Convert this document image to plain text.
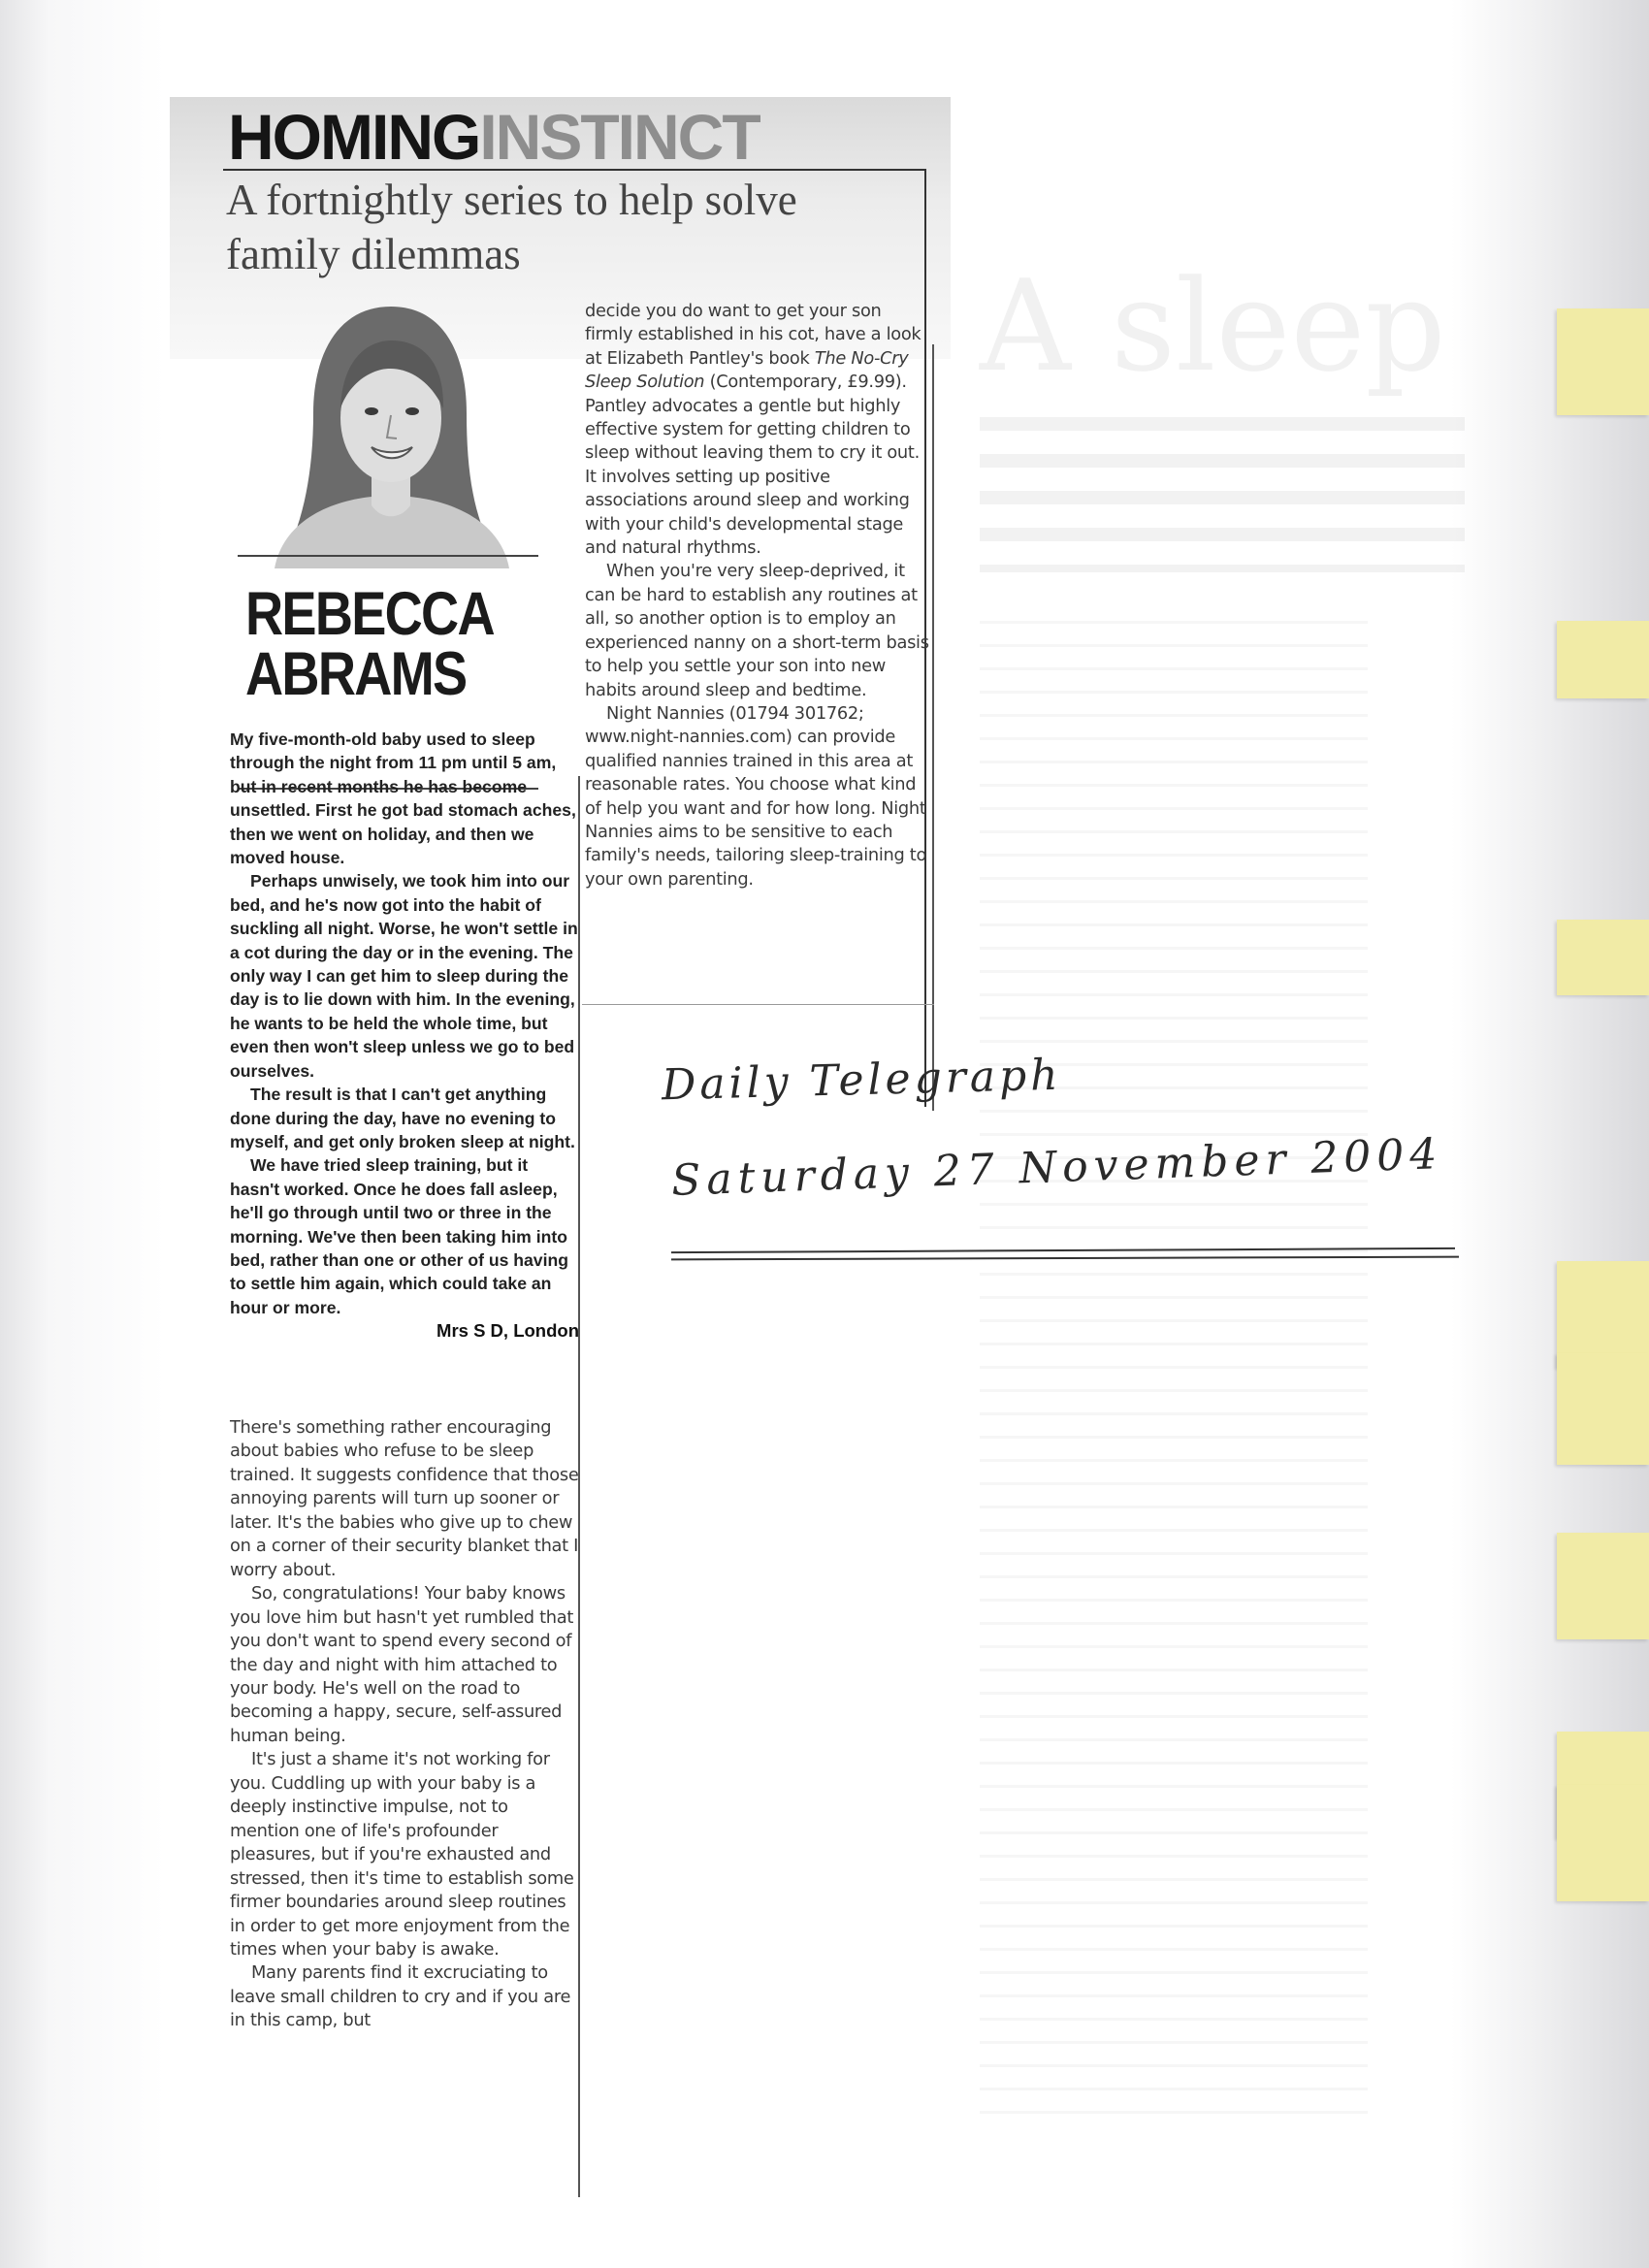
HOMINGINSTINCT

A fortnightly series to help solve family dilemmas

REBECCA
ABRAMS

My five-month-old baby used to sleep through the night from 11 pm until 5 am, but in recent months he has become unsettled. First he got bad stomach aches, then we went on holiday, and then we moved house.

Perhaps unwisely, we took him into our bed, and he's now got into the habit of suckling all night. Worse, he won't settle in a cot during the day or in the evening. The only way I can get him to sleep during the day is to lie down with him. In the evening, he wants to be held the whole time, but even then won't sleep unless we go to bed ourselves.

The result is that I can't get anything done during the day, have no evening to myself, and get only broken sleep at night.

We have tried sleep training, but it hasn't worked. Once he does fall asleep, he'll go through until two or three in the morning. We've then been taking him into bed, rather than one or other of us having to settle him again, which could take an hour or more.

Mrs S D, London

There's something rather encouraging about babies who refuse to be sleep trained. It suggests confidence that those annoying parents will turn up sooner or later. It's the babies who give up to chew on a corner of their security blanket that I worry about.

So, congratulations! Your baby knows you love him but hasn't yet rumbled that you don't want to spend every second of the day and night with him attached to your body. He's well on the road to becoming a happy, secure, self-assured human being.

It's just a shame it's not working for you. Cuddling up with your baby is a deeply instinctive impulse, not to mention one of life's profounder pleasures, but if you're exhausted and stressed, then it's time to establish some firmer boundaries around sleep routines in order to get more enjoyment from the times when your baby is awake.

Many parents find it excruciating to leave small children to cry and if you are in this camp, but

decide you do want to get your son firmly established in his cot, have a look at Elizabeth Pantley's book The No-Cry Sleep Solution (Contemporary, £9.99). Pantley advocates a gentle but highly effective system for getting children to sleep without leaving them to cry it out. It involves setting up positive associations around sleep and working with your child's developmental stage and natural rhythms.

When you're very sleep-deprived, it can be hard to establish any routines at all, so another option is to employ an experienced nanny on a short-term basis to help you settle your son into new habits around sleep and bedtime.

Night Nannies (01794 301762; www.night-nannies.com) can provide qualified nannies trained in this area at reasonable rates. You choose what kind of help you want and for how long. Night Nannies aims to be sensitive to each family's needs, tailoring sleep-training to your own parenting.

Daily Telegraph

Saturday 27 November 2004
